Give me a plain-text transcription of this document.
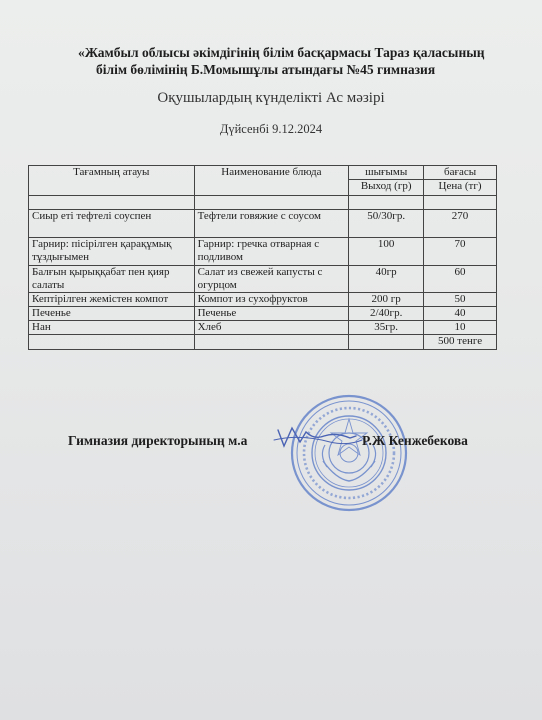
«Жамбыл облысы әкімдігінің білім басқармасы Тараз қаласының
білім бөлімінің Б.Момышұлы атындағы №45 гимназия
Оқушылардың күнделікті Ас мәзірі
Дүйсенбі 9.12.2024
Тағамның атауы	Наименование блюда	шығымы	бағасы
		Выход (гр)	Цена (тг)

Сиыр еті тефтелі соуспен	Тефтели говяжие с соусом	50/30гр.	270
Гарнир: пісірілген қарақұмық тұздығымен	Гарнир: гречка отварная с подливом	100	70
Балғын қырыққабат пен қияр салаты	Салат из свежей капусты с огурцом	40гр	60
Кептірілген жемістен компот	Компот из сухофруктов	200 гр	50
Печенье	Печенье	2/40гр.	40
Нан	Хлеб	35гр.	10
			500 тенге
Гимназия директорының м.а	Р.Ж Кенжебекова
